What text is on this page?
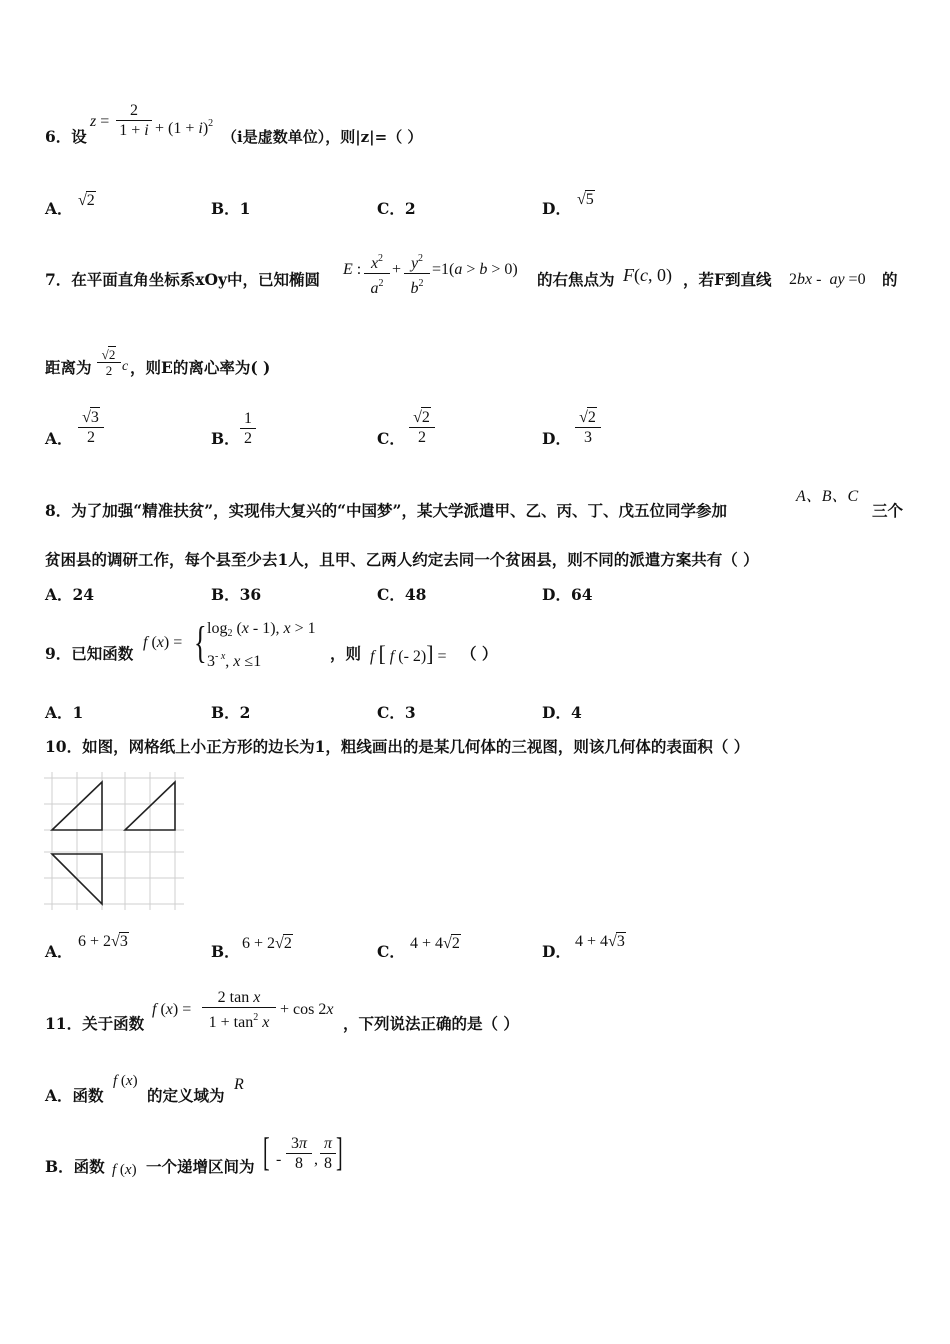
6．设
$z = \frac{2}{1 + i} + (1 + i)^2$
（i是虚数单位），则|z|=（ ）
A． √2	B．1	C．2	D． √5
7．在平面直角坐标系xOy中，已知椭圆
E : $\frac{x^2}{a^2} + \frac{y^2}{b^2} =1(a > b > 0)$
的右焦点为 F(c, 0) ，若F到直线 2bx -  ay =0 的
距离为 $\frac{√2}{2}$ c ，则E的离心率为( )
A． $\frac{√3}{2}$	B． $\frac{1}{2}$	C． $\frac{√2}{2}$	D． $\frac{√2}{3}$
8．为了加强“精准扶贫”，实现伟大复兴的“中国梦”，某大学派遣甲、乙、丙、丁、戊五位同学参加
A、B、C
三个
贫困县的调研工作，每个县至少去1人，且甲、乙两人约定去同一个贫困县，则不同的派遣方案共有（ ）
A．24	B．36	C．48	D．64
9．已知函数
f (x) = { $\log_2 (x - 1)$, x > 1
$3^{- x}$, x ≤1	，则 f [ f (- 2)] = （ ）
A．1	B．2	C．3	D．4
10．如图，网格纸上小正方形的边长为1，粗线画出的是某几何体的三视图，则该几何体的表面积（ ）
A．
6 + 2√3
B． 6 + 2√2	C． 4 + 4√2	D．
4 + 4√3
11．关于函数
f $(x) = \frac{\text{2 tan x}}{1 + \tan^2 x} + \cos 2x$
，下列说法正确的是（ ）
A．函数
f (x)
的定义域为
R
B．函数 f (x) 一个递增区间为 [ - $\frac{3\pi}{8}$ , $\frac{\pi}{8}$ ]
